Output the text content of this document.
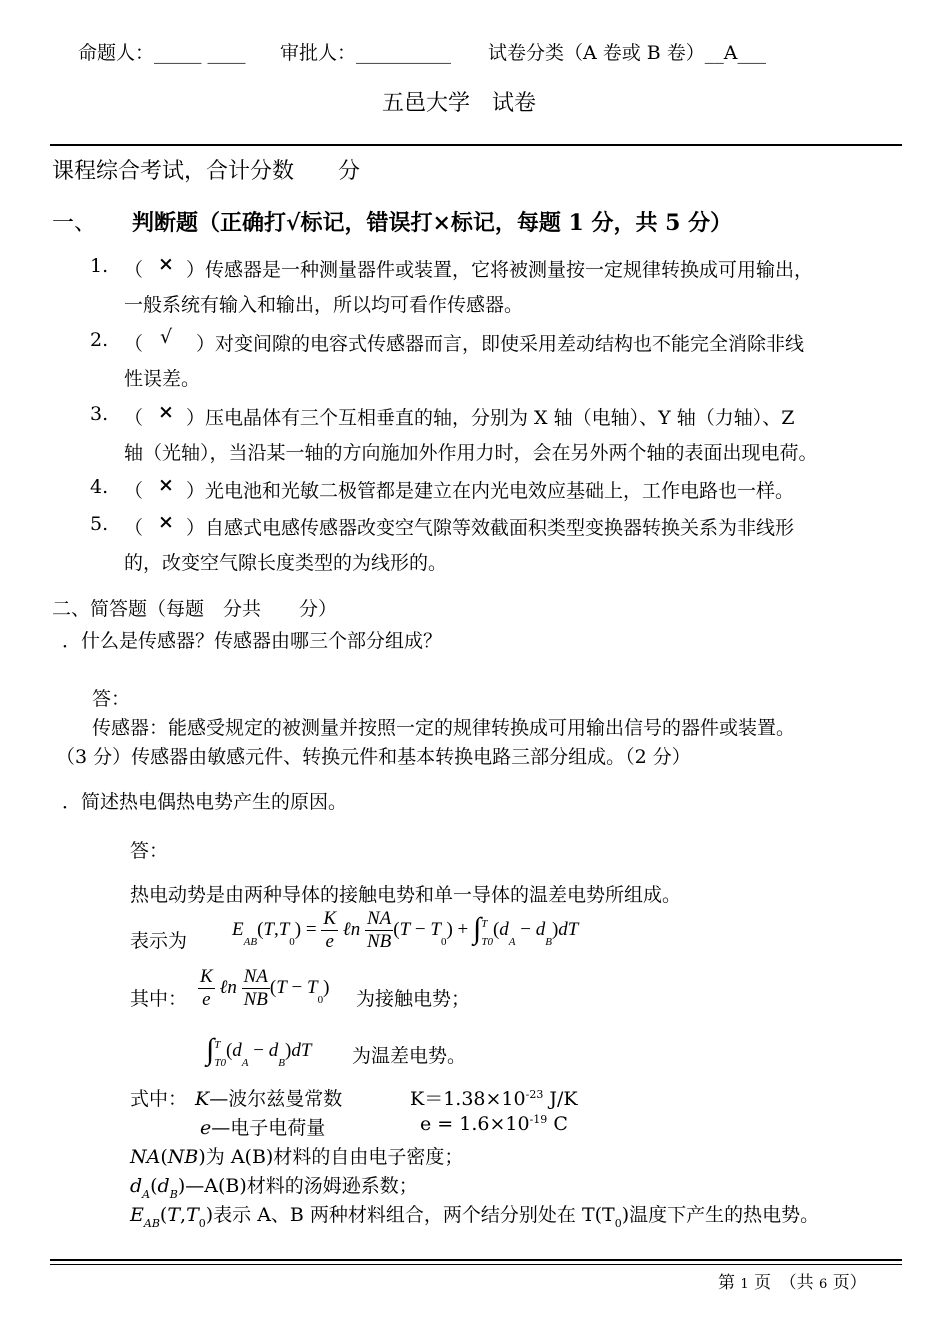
命题人：_____ ____ 审批人：__________ 试卷分类（A 卷或 B 卷）__A___
五邑大学　试卷
课程综合考试，合计分数　　分
一、 判断题（正确打√标记，错误打×标记，每题 1 分，共 5 分）
1. （ × ）传感器是一种测量器件或装置，它将被测量按一定规律转换成可用输出，
一般系统有输入和输出，所以均可看作传感器。
2. （ √ ）对变间隙的电容式传感器而言，即使采用差动结构也不能完全消除非线
性误差。
3. （ × ）压电晶体有三个互相垂直的轴，分别为 X 轴（电轴）、Y 轴（力轴）、Z
轴（光轴），当沿某一轴的方向施加外作用力时，会在另外两个轴的表面出现电荷。
4. （ × ）光电池和光敏二极管都是建立在内光电效应基础上，工作电路也一样。
5. （ × ）自感式电感传感器改变空气隙等效截面积类型变换器转换关系为非线形
的，改变空气隙长度类型的为线形的。
二、简答题（每题　分共　　分）
．什么是传感器？传感器由哪三个部分组成？
答：
传感器：能感受规定的被测量并按照一定的规律转换成可用输出信号的器件或装置。
（3 分）传感器由敏感元件、转换元件和基本转换电路三部分组成。（2 分）
．简述热电偶热电势产生的原因。
答：
热电动势是由两种导体的接触电势和单一导体的温差电势所组成。
表示为
$E_{AB}(T,T_0) = \frac{K}{e}$ ℓn $\frac{NA}{NB} (T - T_0) + \int^T_{T0}(d_A - d_B)dT$
其中： $\frac{K}{e}$ ℓn $\frac{NA}{NB} (T - T_0)$
为接触电势；
$\int^T_{T0}(d_A - d_B)dT$ 为温差电势。
式中： K—波尔兹曼常数	$K=1.38\times 10^{-23}$ J/K
e—电子电荷量	$e = 1.6\times 10^{-19}$ C
NA(NB)为 A(B)材料的自由电子密度；
$d_A(d_B)—A(B)$材料的汤姆逊系数；
$E_{AB}(T,T_0)$表示 A、B 两种材料组合，两个结分别处在 $T(T_0)$温度下产生的热电势。
第 1 页　（共 6 页）
